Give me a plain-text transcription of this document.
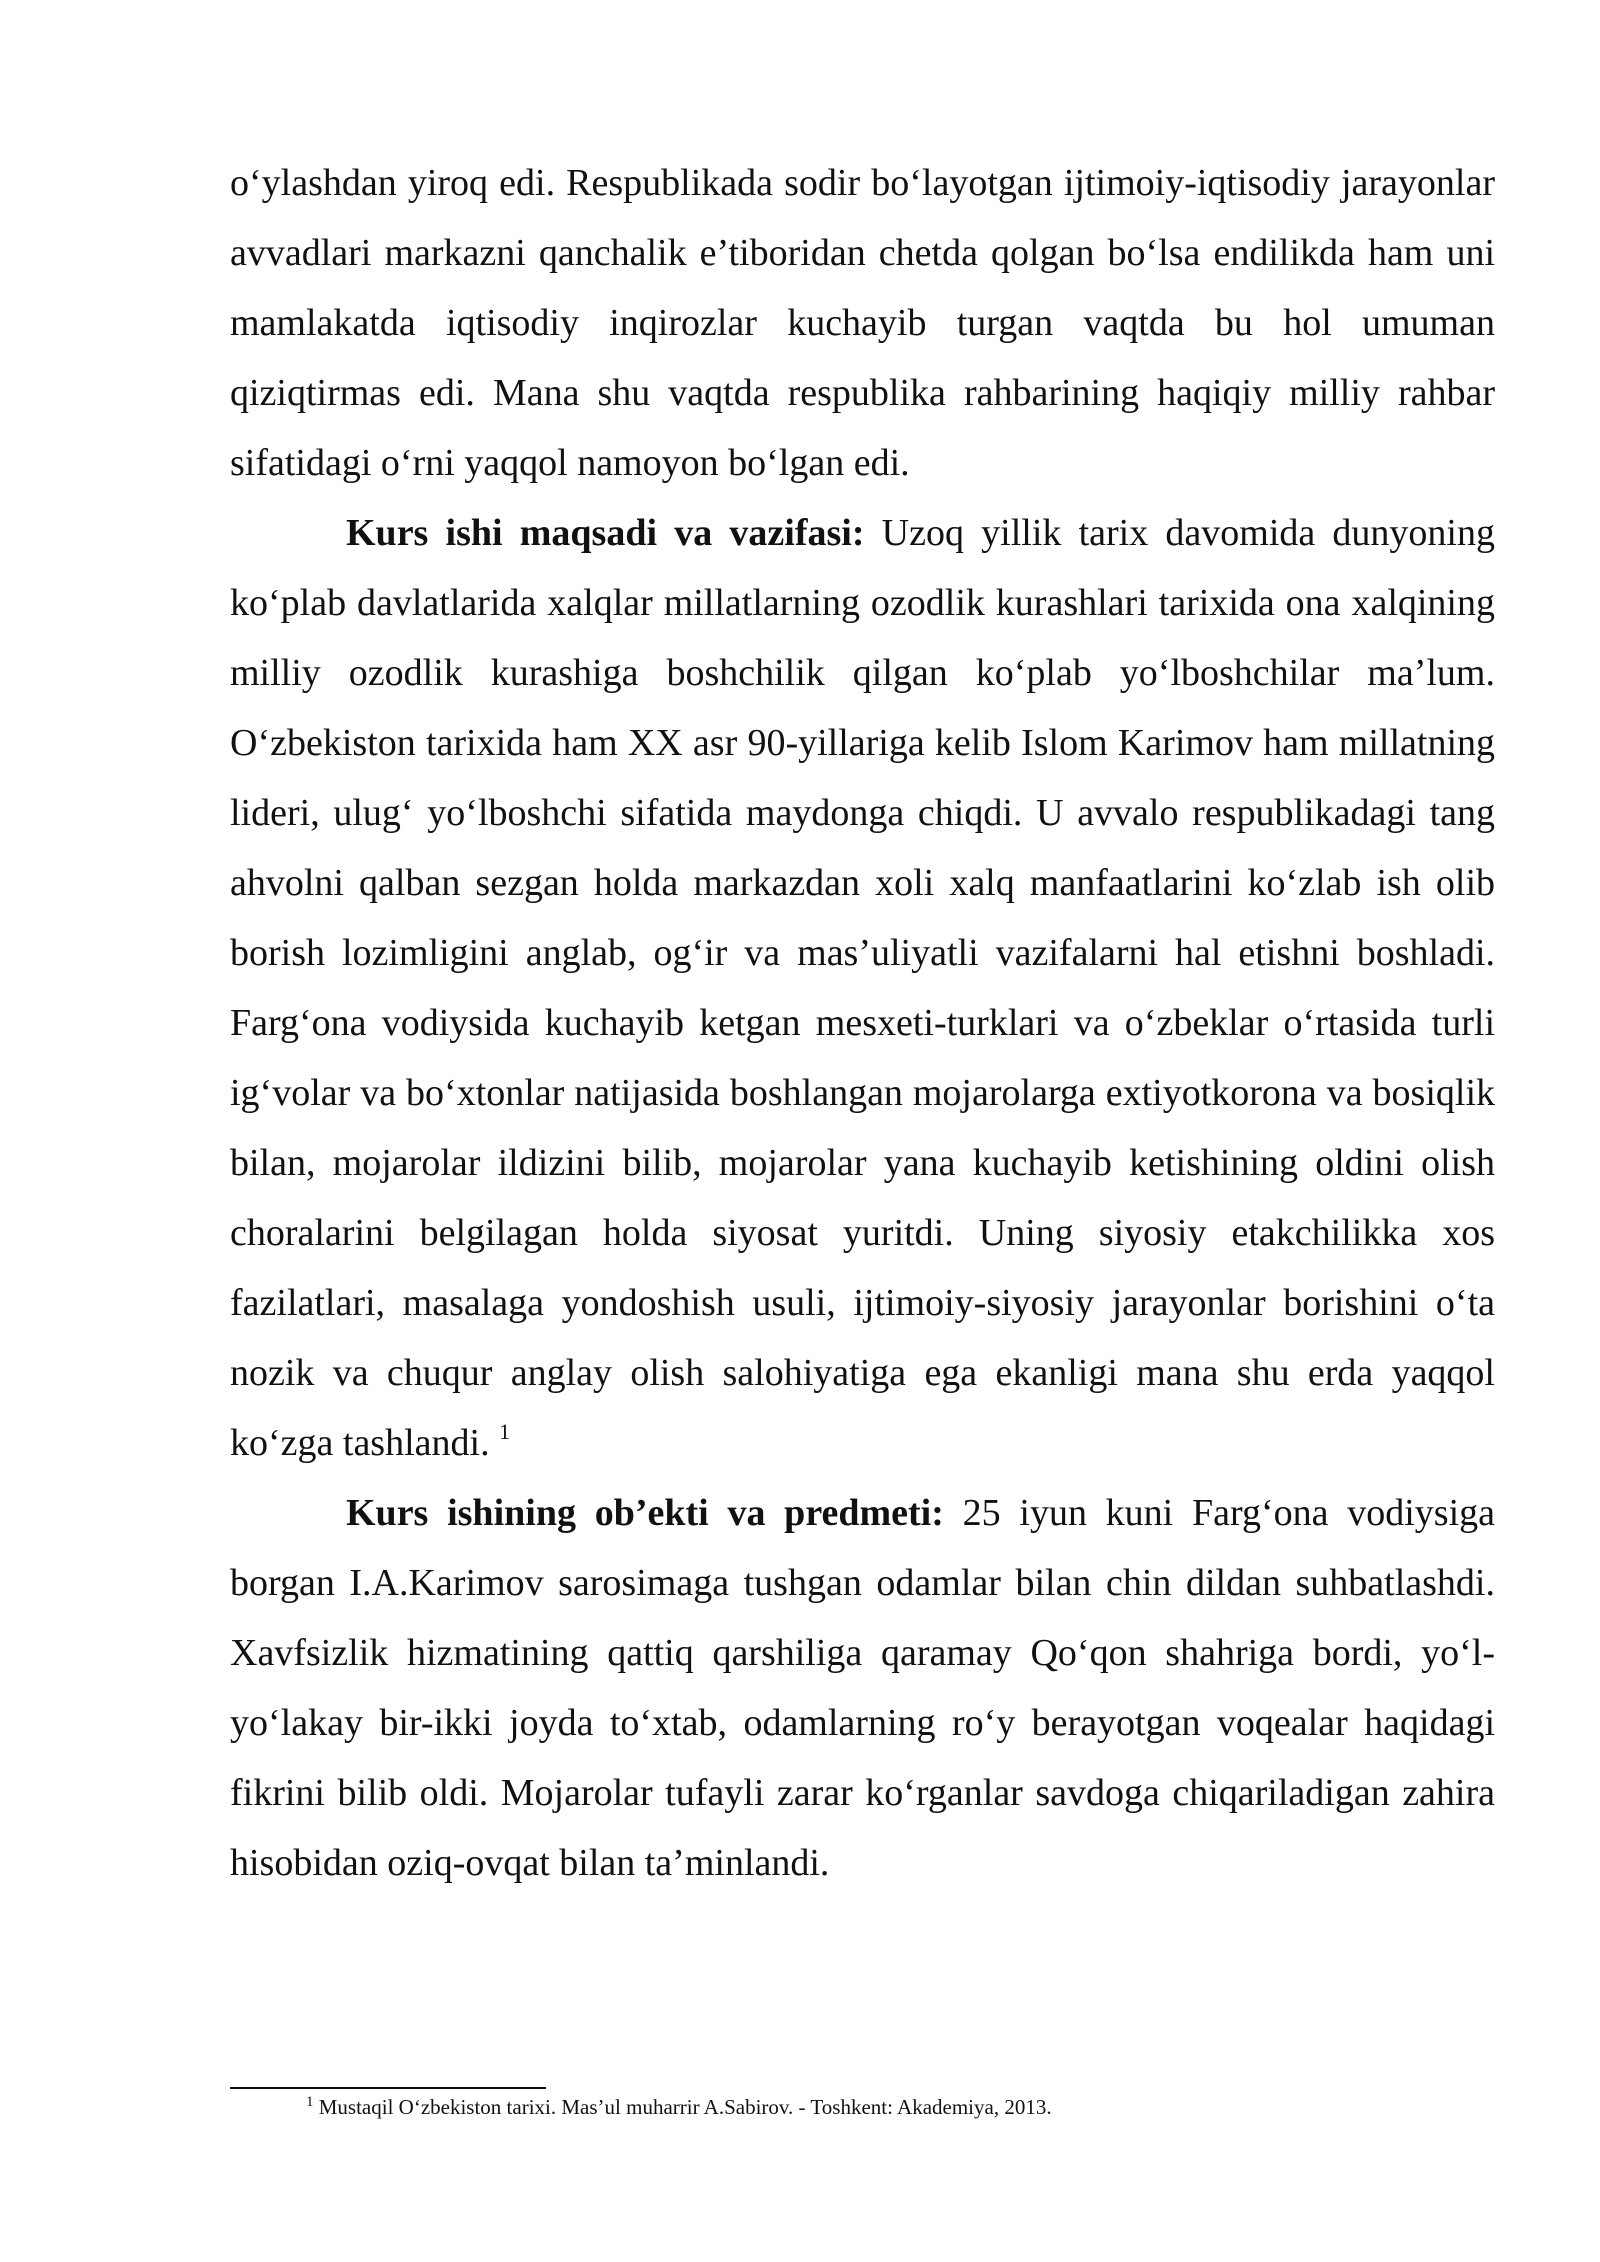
o‘ylashdan yiroq edi. Respublikada sodir bo‘layotgan ijtimoiy-iqtisodiy jarayonlar avvadlari markazni qanchalik e’tiboridan chetda qolgan bo‘lsa endilikda ham uni mamlakatda iqtisodiy inqirozlar kuchayib turgan vaqtda bu hol umuman qiziqtirmas edi. Mana shu vaqtda respublika rahbarining haqiqiy milliy rahbar sifatidagi o‘rni yaqqol namoyon bo‘lgan edi.

Kurs ishi maqsadi va vazifasi: Uzoq yillik tarix davomida dunyoning ko‘plab davlatlarida xalqlar millatlarning ozodlik kurashlari tarixida ona xalqining milliy ozodlik kurashiga boshchilik qilgan ko‘plab yo‘lboshchilar ma’lum. O‘zbekiston tarixida ham XX asr 90-yillariga kelib Islom Karimov ham millatning lideri, ulug‘ yo‘lboshchi sifatida maydonga chiqdi. U avvalo respublikadagi tang ahvolni qalban sezgan holda markazdan xoli xalq manfaatlarini ko‘zlab ish olib borish lozimligini anglab, og‘ir va mas’uliyatli vazifalarni hal etishni boshladi. Farg‘ona vodiysida kuchayib ketgan mesxeti-turklari va o‘zbeklar o‘rtasida turli ig‘volar va bo‘xtonlar natijasida boshlangan mojarolarga extiyotkorona va bosiqlik bilan, mojarolar ildizini bilib, mojarolar yana kuchayib ketishining oldini olish choralarini belgilagan holda siyosat yuritdi. Uning siyosiy etakchilikka xos fazilatlari, masalaga yondoshish usuli, ijtimoiy-siyosiy jarayonlar borishini o‘ta nozik va chuqur anglay olish salohiyatiga ega ekanligi mana shu erda yaqqol ko‘zga tashlandi. $^1$

Kurs ishining ob’ekti va predmeti: 25 iyun kuni Farg‘ona vodiysiga borgan I.A.Karimov sarosimaga tushgan odamlar bilan chin dildan suhbatlashdi. Xavfsizlik hizmatining qattiq qarshiliga qaramay Qo‘qon shahriga bordi, yo‘l-yo‘lakay bir-ikki joyda to‘xtab, odamlarning ro‘y berayotgan voqealar haqidagi fikrini bilib oldi. Mojarolar tufayli zarar ko‘rganlar savdoga chiqariladigan zahira hisobidan oziq-ovqat bilan ta’minlandi.

$^1$ Mustaqil O‘zbekiston tarixi. Mas’ul muharrir A.Sabirov. - Toshkent: Akademiya, 2013.
